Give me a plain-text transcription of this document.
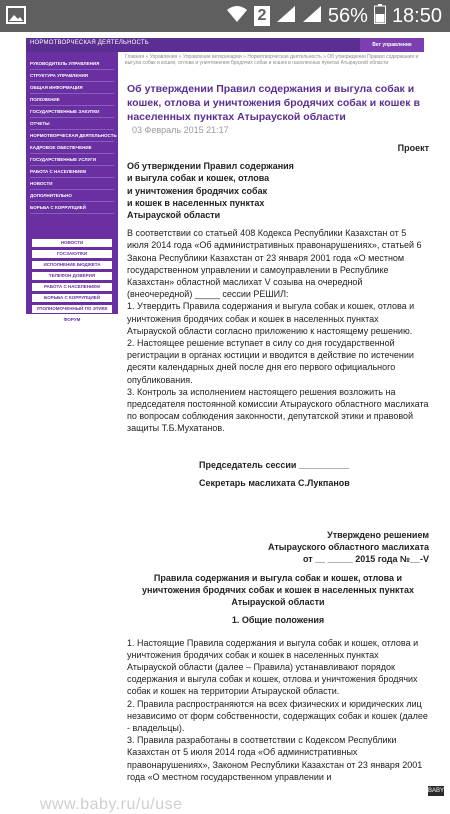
2	56% 18:50
НОРМОТВОРЧЕСКАЯ ДЕЯТЕЛЬНОСТЬ	Вет управление
РУКОВОДИТЕЛЬ УПРАВЛЕНИЯ
СТРУКТУРА УПРАВЛЕНИЯ
ОБЩАЯ ИНФОРМАЦИЯ
ПОЛОЖЕНИЕ
ГОСУДАРСТВЕННЫЕ ЗАКУПКИ
ОТЧЕТЫ
НОРМОТВОРЧЕСКАЯ ДЕЯТЕЛЬНОСТЬ
КАДРОВОЕ ОБЕСПЕЧЕНИЕ
ГОСУДАРСТВЕННЫЕ УСЛУГИ
РАБОТА С НАСЕЛЕНИЕМ
НОВОСТИ
ДОПОЛНИТЕЛЬНО
БОРЬБА С КОРРУПЦИЕЙ
НОВОСТИ
ГОСЗАКУПКИ
ИСПОЛНЕНИЕ БЮДЖЕТА
ТЕЛЕФОН ДОВЕРИЯ
РАБОТА С НАСЕЛЕНИЕМ
БОРЬБА С КОРРУПЦИЕЙ
УПОЛНОМОЧЕННЫЙ ПО ЭТИКЕ
ФОРУМ
Главная » Управления » Управление ветеринарии » Нормотворческая деятельность » Об утверждении Правил содержания и выгула собак и кошек, отлова и уничтожения бродячих собак и кошек в населенных пунктах Атырауской области
Об утверждении Правил содержания и выгула собак и кошек, отлова и уничтожения бродячих собак и кошек в населенных пунктах Атырауской области
03 Февраль 2015 21:17

Проект

Об утверждении Правил содержания

и выгула собак и кошек, отлова

и уничтожения бродячих собак

и кошек в населенных пунктах

Атырауской области

В соответствии со статьей 408 Кодекса Республики Казахстан от 5 июля 2014 года «Об административных правонарушениях», статьей 6 Закона Республики Казахстан от 23 января 2001 года «О местном государственном управлении и самоуправлении в Республике Казахстан» областной маслихат V созыва на очередной (внеочередной) _____ сессии РЕШИЛ:

1. Утвердить Правила содержания и выгула собак и кошек, отлова и уничтожения бродячих собак и кошек в населенных пунктах Атырауской области согласно приложению к настоящему решению.

2. Настоящее решение вступает в силу со дня государственной регистрации в органах юстиции и вводится в действие по истечении десяти календарных дней после дня его первого официального опубликования.

3. Контроль за исполнением настоящего решения возложить на председателя постоянной комиссии Атырауского областного маслихата по вопросам соблюдения законности, депутатской этики и правовой защиты Т.Б.Мухатанов.

Председатель сессии __________

Секретарь маслихата С.Лукпанов

Утверждено решением

Атырауского областного маслихата

от __ _____ 2015 года №__-V

Правила содержания и выгула собак и кошек, отлова и уничтожения бродячих собак и кошек в населенных пунктах Атырауской области

1. Общие положения

1. Настоящие Правила содержания и выгула собак и кошек, отлова и уничтожения бродячих собак и кошек в населенных пунктах Атырауской области (далее – Правила) устанавливают порядок содержания и выгула собак и кошек, отлова и уничтожения бродячих собак и кошек на территории Атырауской области.

2. Правила распространяются на всех физических и юридических лиц независимо от форм собственности, содержащих собак и кошек (далее - владельцы).

3. Правила разработаны в соответствии с Кодексом Республики Казахстан от 5 июля 2014 года «Об административных правонарушениях», Законом Республики Казахстан от 23 января 2001 года «О местном государственном управлении и

www.baby.ru/u/use
BABY
